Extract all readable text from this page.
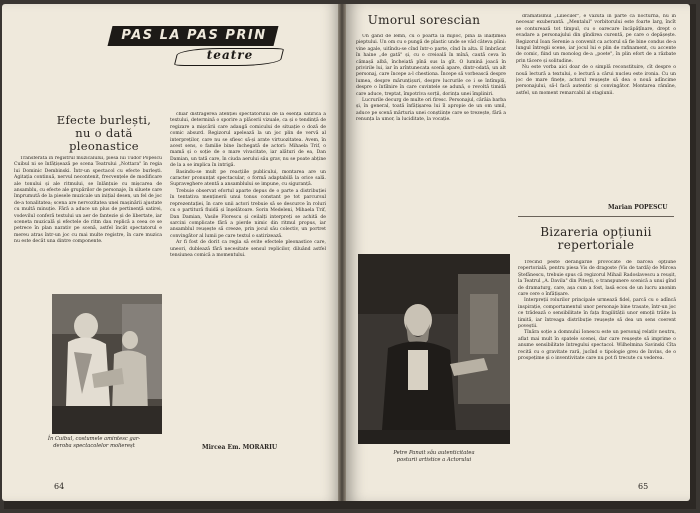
PAS LA PAS PRIN
teatre
Efecte burlești,
nu o dată pleonastice

Transferată în registrul muzicalului, piesa lui Tudor Popescu Cuibul ni se înfățișează pe scena Teatrului „Nottara" în regia lui Dominic Dembinski. Într-un spectacol cu efecte burlești. Agitația continuă, nervul necontenit, frecvențele de modificare ale tonului și ale ritmului, se înlănțuie cu mișcarea de ansamblu, cu efecte ale grupărilor de personaje, în siluete care împrumută de la piesele muzicale un inițial desen, un fel de joc de-a tonalitatea; scena are nervozitatea unei mașinării ajustate cu multă minuție. Fără a aduce un plus de pertinență satirei, vodevilul conferă textului un aer de fantezie și de libertate, iar sceneta muzicală și efectele de ritm dau replică a ceea ce se petrece în plan narativ pe scenă, astfel încât spectatorul e mereu atras într-un joc cu mai multe registre, în care muzica nu este decât una dintre componente.

chiar distragerea atenției spectatorului de la esența satirică a textului, determină o sporire a plăcerii vizuale, ca și o tendință de regizare a mișcării care adaugă comicului de situație o doză de comic absurd. Regizorul apelează la un joc plin de vervă al interpreților, care nu se sfiesc să-și arate virtuozitatea. Avem, în acest sens, o familie bine închegată de actori: Mihaela Trif, o mamă și o soție de o mare vivacitate, iar alături de ea, Dan Damian, un tată care, în ciuda aerului său grav, nu se poate abține de la a se implica în intrigă.

Basindu-se mult pe reacțiile publicului, montarea are un caracter pronunțat spectacular, o formă adaptabilă la orice sală. Supraveghere atentă a ansamblului se impune, cu siguranță.

Trebuie observat efortul aparte depus de o parte a distribuției în tentativa menținerii unui tonus constant pe tot parcursul reprezentației, în care unii actori trebuie să se descurce în roluri cu o partitură fluidă și înșelătoare. Sorin Medeleni, Mihaela Trif, Dan Damian, Vasile Florescu și ceilalți interpreți se achită de sarcini complicate fără a pierde nimic din ritmul propus, iar ansamblul reușește să creeze, prin jocul său colectiv, un portret convingător al lumii pe care textul o satirizează.

Ar fi fost de dorit ca regia să evite efectele pleonastice care, uneori, dublează fără necesitate sensul replicilor, diluând astfel tensiunea comică a momentului.

În Cuibul, costumele amintesc gar-
deroba spectacolelor moliereșt	Mircea Em. MORARIU
64
Umorul sorescian

Un gând de lemn, cu o poartă la mijloc, pînă la înălțimea pieptului. Un om cu o pungă de plastic unde se văd câteva pîini: vine agale, uitîndu-se cînd într-o parte, cînd în alta. E îmbrăcat în haine „de gată" și, cu o creioală în mînă, caută ceva în cămașă albă, încheiată pînă sus la gît. O lumină joacă în privirile lui, iar în arîntunecata scenă apare, dintr-odată, un alt personaj, care începe a-l chestiona. Începe să vorbească despre lumea, despre mărunțișuri, despre lucrurile ce i se întîmplă, despre o întîlnire în care cuvintele se adună, o revoltă timidă care aduce, treptat, împotriva sorții, dorința unei împliniri.

Lucrurile decurg de multe ori firesc. Personajul, cărăia barba și, în general, toată înfățișarea lui îl apropie de un om umil, aduce pe scenă mărturia unei conștiințe care se trezește, fără a renunța la umor, la luciditate, la vocație.

dramatismul „Lilieciler", e văzută în parte ca nocturnă, nu în necesar exuberantă. „Mentalul" vorbitorului este foarte larg, încît se conturează tot timpul, cu o oarecare încăpățînare, drept o evadare a personajului din gîndirea curentă, pe care o depășește. Regizorul Ioan Serenie a convenit ca actorul să fie bine condus de-a lungul întregii scene, iar jocul lui e plin de rafinament, cu accente de comic, fiind un monolog de-a „poete", în plin efort de a răzbate prin tăcere și solitudine.

Nu este vorba aici doar de o simplă reconstituire, cît despre o nouă lectură a textului, o lectură a cărui nucleu este ironia. Cu un joc de mare finețe, actorul reușește să dea o nouă adîncime personajului, să-l facă autentic și convingător. Montarea rămîne, astfel, un moment remarcabil al stagiunii.

Marian POPESCU
Bizareria opțiunii
repertoriale

Trecînd peste derangările provocate de barcea opțiune repertorială, pentru piesa Vis de dragoste (Vis de tardă) de Mircea Ștefănescu, trebuie spus că regizorul Mihail Radoslavescu a reușit, la Teatrul „A. Davila" din Pitești, o transpunere scenică a unui gînd de dramaturg, care, așa cum a fost, lasă ecou de un lucru anonim care cere o înfățișare.

Interpreții rolurilor principale urmează fidel, parcă cu o adîncă inspirație, comportamentul unor personaje bine trasate, într-un joc ce trădează o sensibilitate în fața fragilității unor emoții trăite la limită, iar întreaga distribuție reușește să dea un sens coerent poveștii.

Tînăra soție a domnului Ionescu este un personaj relativ neutru, aflat mai mult în spatele scenei, dar care reușește să imprime o anume sensibilitate întregului spectacol. Wilhelmina Savinski Cîta recită cu o gravitate rară, jucînd o tipologie greu de învins, de o prospețime și o inventivitate care nu pot fi trecute cu vederea.

Petre Panait său autenticitatea
posturii artistice a Actorului
65
